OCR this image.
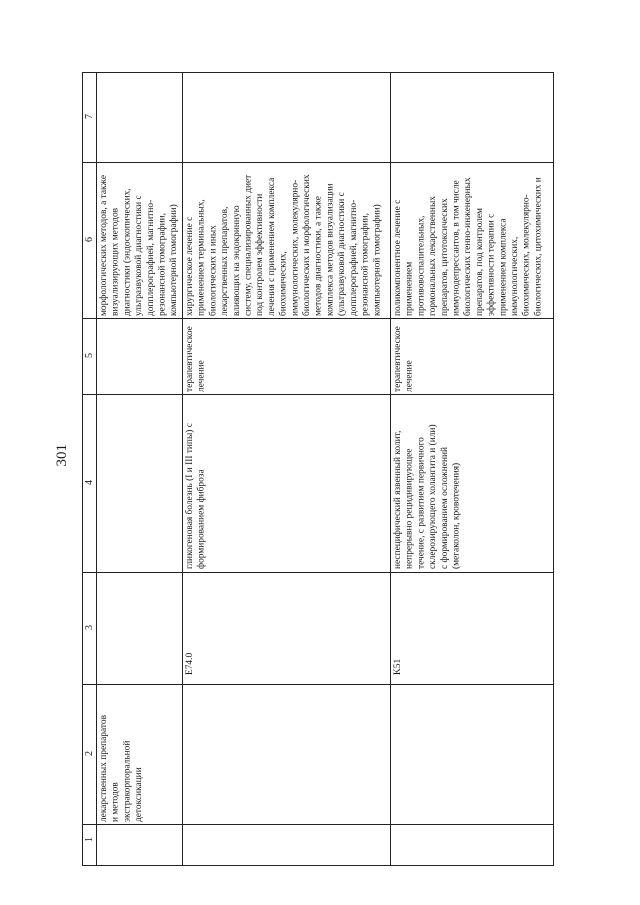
301
1
2
3
4
5
6
7
лекарственных препаратов
и методов
экстракорпоральной
детоксикации
морфологических методов, а также
визуализирующих методов
диагностики (эндоскопических,
ультразвуковой диагностики с
допплерографией, магнитно-
резонансной томографии,
компьютерной томографии)
E74.0
гликогеновая болезнь (I и III типы) с
формированием фиброза
терапевтическое
лечение
хирургическое лечение с
применением терминальных,
биологических и иных
лекарственных препаратов,
влияющих на эндокринную
систему, специализированных диет
под контролем эффективности
лечения с применением комплекса
биохимических,
иммунологических, молекулярно-
биологических и морфологических
методов диагностики, а также
комплекса методов визуализации
(ультразвуковой диагностики с
допплерографией, магнитно-
резонансной томографии,
компьютерной томографии)
K51
неспецифический язвенный колит,
непрерывно рецидивирующее
течение, с развитием первичного
склерозирующего холангита и (или)
с формированием осложнений
(мегаколон, кровотечения)
терапевтическое
лечение
поликомпонентное лечение с
применением
противовоспалительных,
гормональных лекарственных
препаратов, цитотоксических
иммунодепрессантов, в том числе
биологических генно-инженерных
препаратов, под контролем
эффективности терапии с
применением комплекса
иммунологических,
биохимических, молекулярно-
биологических, цитохимических и
